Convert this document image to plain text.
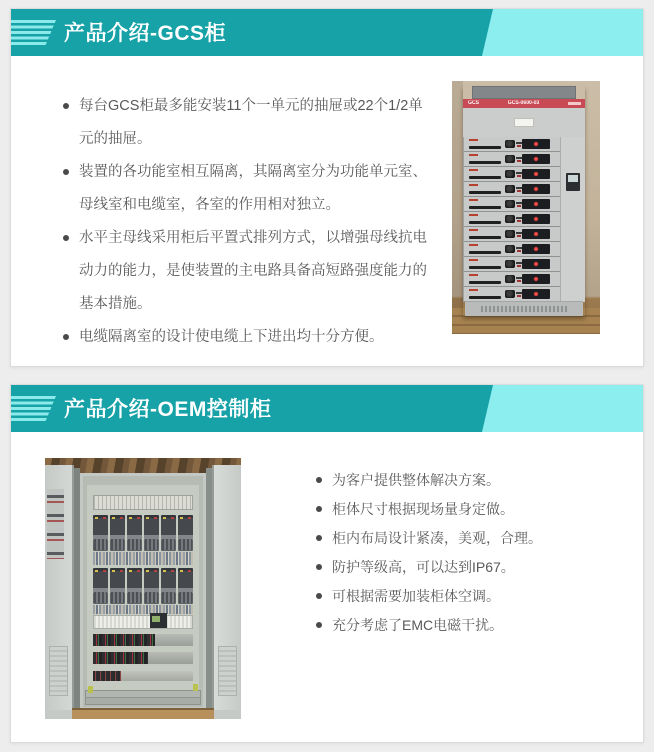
产品介绍-GCS柜
每台GCS柜最多能安装11个一单元的抽屉或22个1/2单元的抽屉。
装置的各功能室相互隔离，其隔离室分为功能单元室、母线室和电缆室，各室的作用相对独立。
水平主母线采用柜后平置式排列方式，以增强母线抗电动力的能力，是使装置的主电路具备高短路强度能力的基本措施。
电缆隔离室的设计使电缆上下进出均十分方便。
GCS	GCS-0600-03
产品介绍-OEM控制柜
为客户提供整体解决方案。
柜体尺寸根据现场量身定做。
柜内布局设计紧凑，美观，合理。
防护等级高，可以达到IP67。
可根据需要加装柜体空调。
充分考虑了EMC电磁干扰。
